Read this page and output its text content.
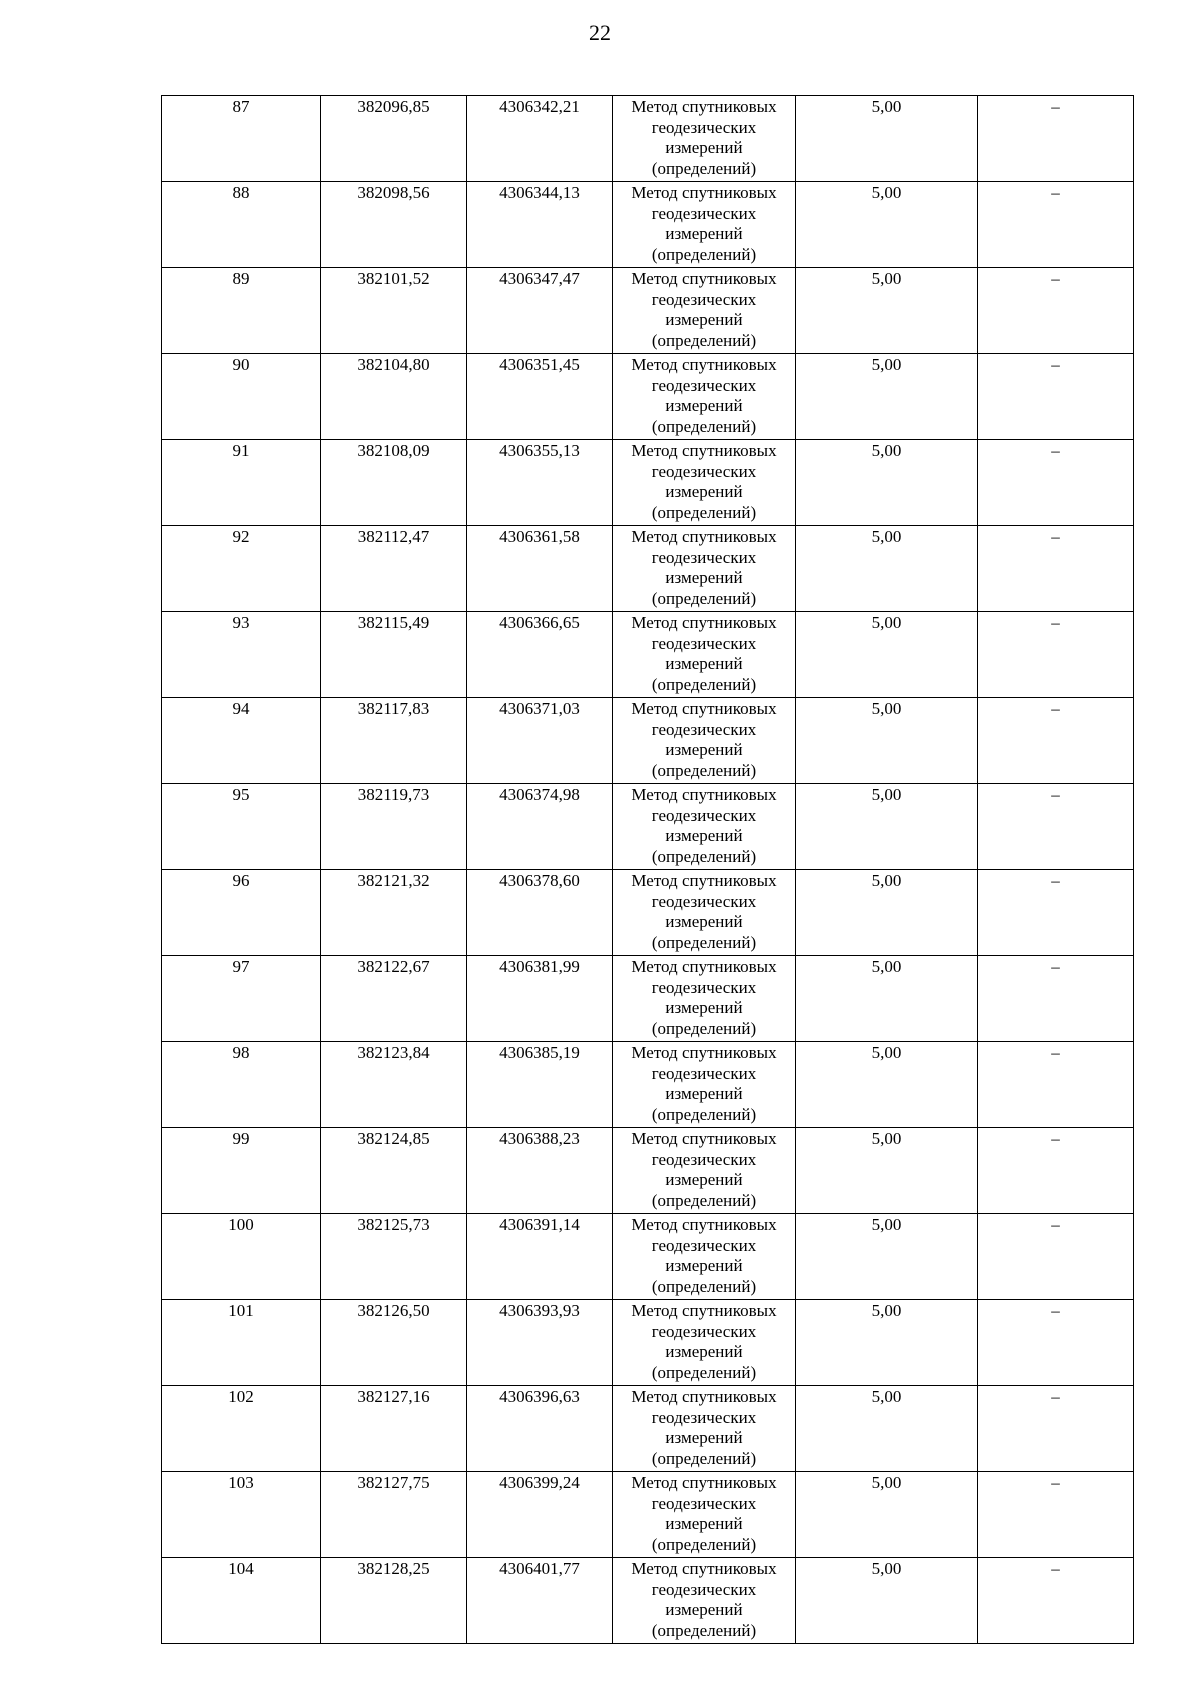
22
87	382096,85	4306342,21	Метод спутниковых
геодезических
измерений
(определений)	5,00	–
88	382098,56	4306344,13	Метод спутниковых
геодезических
измерений
(определений)	5,00	–
89	382101,52	4306347,47	Метод спутниковых
геодезических
измерений
(определений)	5,00	–
90	382104,80	4306351,45	Метод спутниковых
геодезических
измерений
(определений)	5,00	–
91	382108,09	4306355,13	Метод спутниковых
геодезических
измерений
(определений)	5,00	–
92	382112,47	4306361,58	Метод спутниковых
геодезических
измерений
(определений)	5,00	–
93	382115,49	4306366,65	Метод спутниковых
геодезических
измерений
(определений)	5,00	–
94	382117,83	4306371,03	Метод спутниковых
геодезических
измерений
(определений)	5,00	–
95	382119,73	4306374,98	Метод спутниковых
геодезических
измерений
(определений)	5,00	–
96	382121,32	4306378,60	Метод спутниковых
геодезических
измерений
(определений)	5,00	–
97	382122,67	4306381,99	Метод спутниковых
геодезических
измерений
(определений)	5,00	–
98	382123,84	4306385,19	Метод спутниковых
геодезических
измерений
(определений)	5,00	–
99	382124,85	4306388,23	Метод спутниковых
геодезических
измерений
(определений)	5,00	–
100	382125,73	4306391,14	Метод спутниковых
геодезических
измерений
(определений)	5,00	–
101	382126,50	4306393,93	Метод спутниковых
геодезических
измерений
(определений)	5,00	–
102	382127,16	4306396,63	Метод спутниковых
геодезических
измерений
(определений)	5,00	–
103	382127,75	4306399,24	Метод спутниковых
геодезических
измерений
(определений)	5,00	–
104	382128,25	4306401,77	Метод спутниковых
геодезических
измерений
(определений)	5,00	–
